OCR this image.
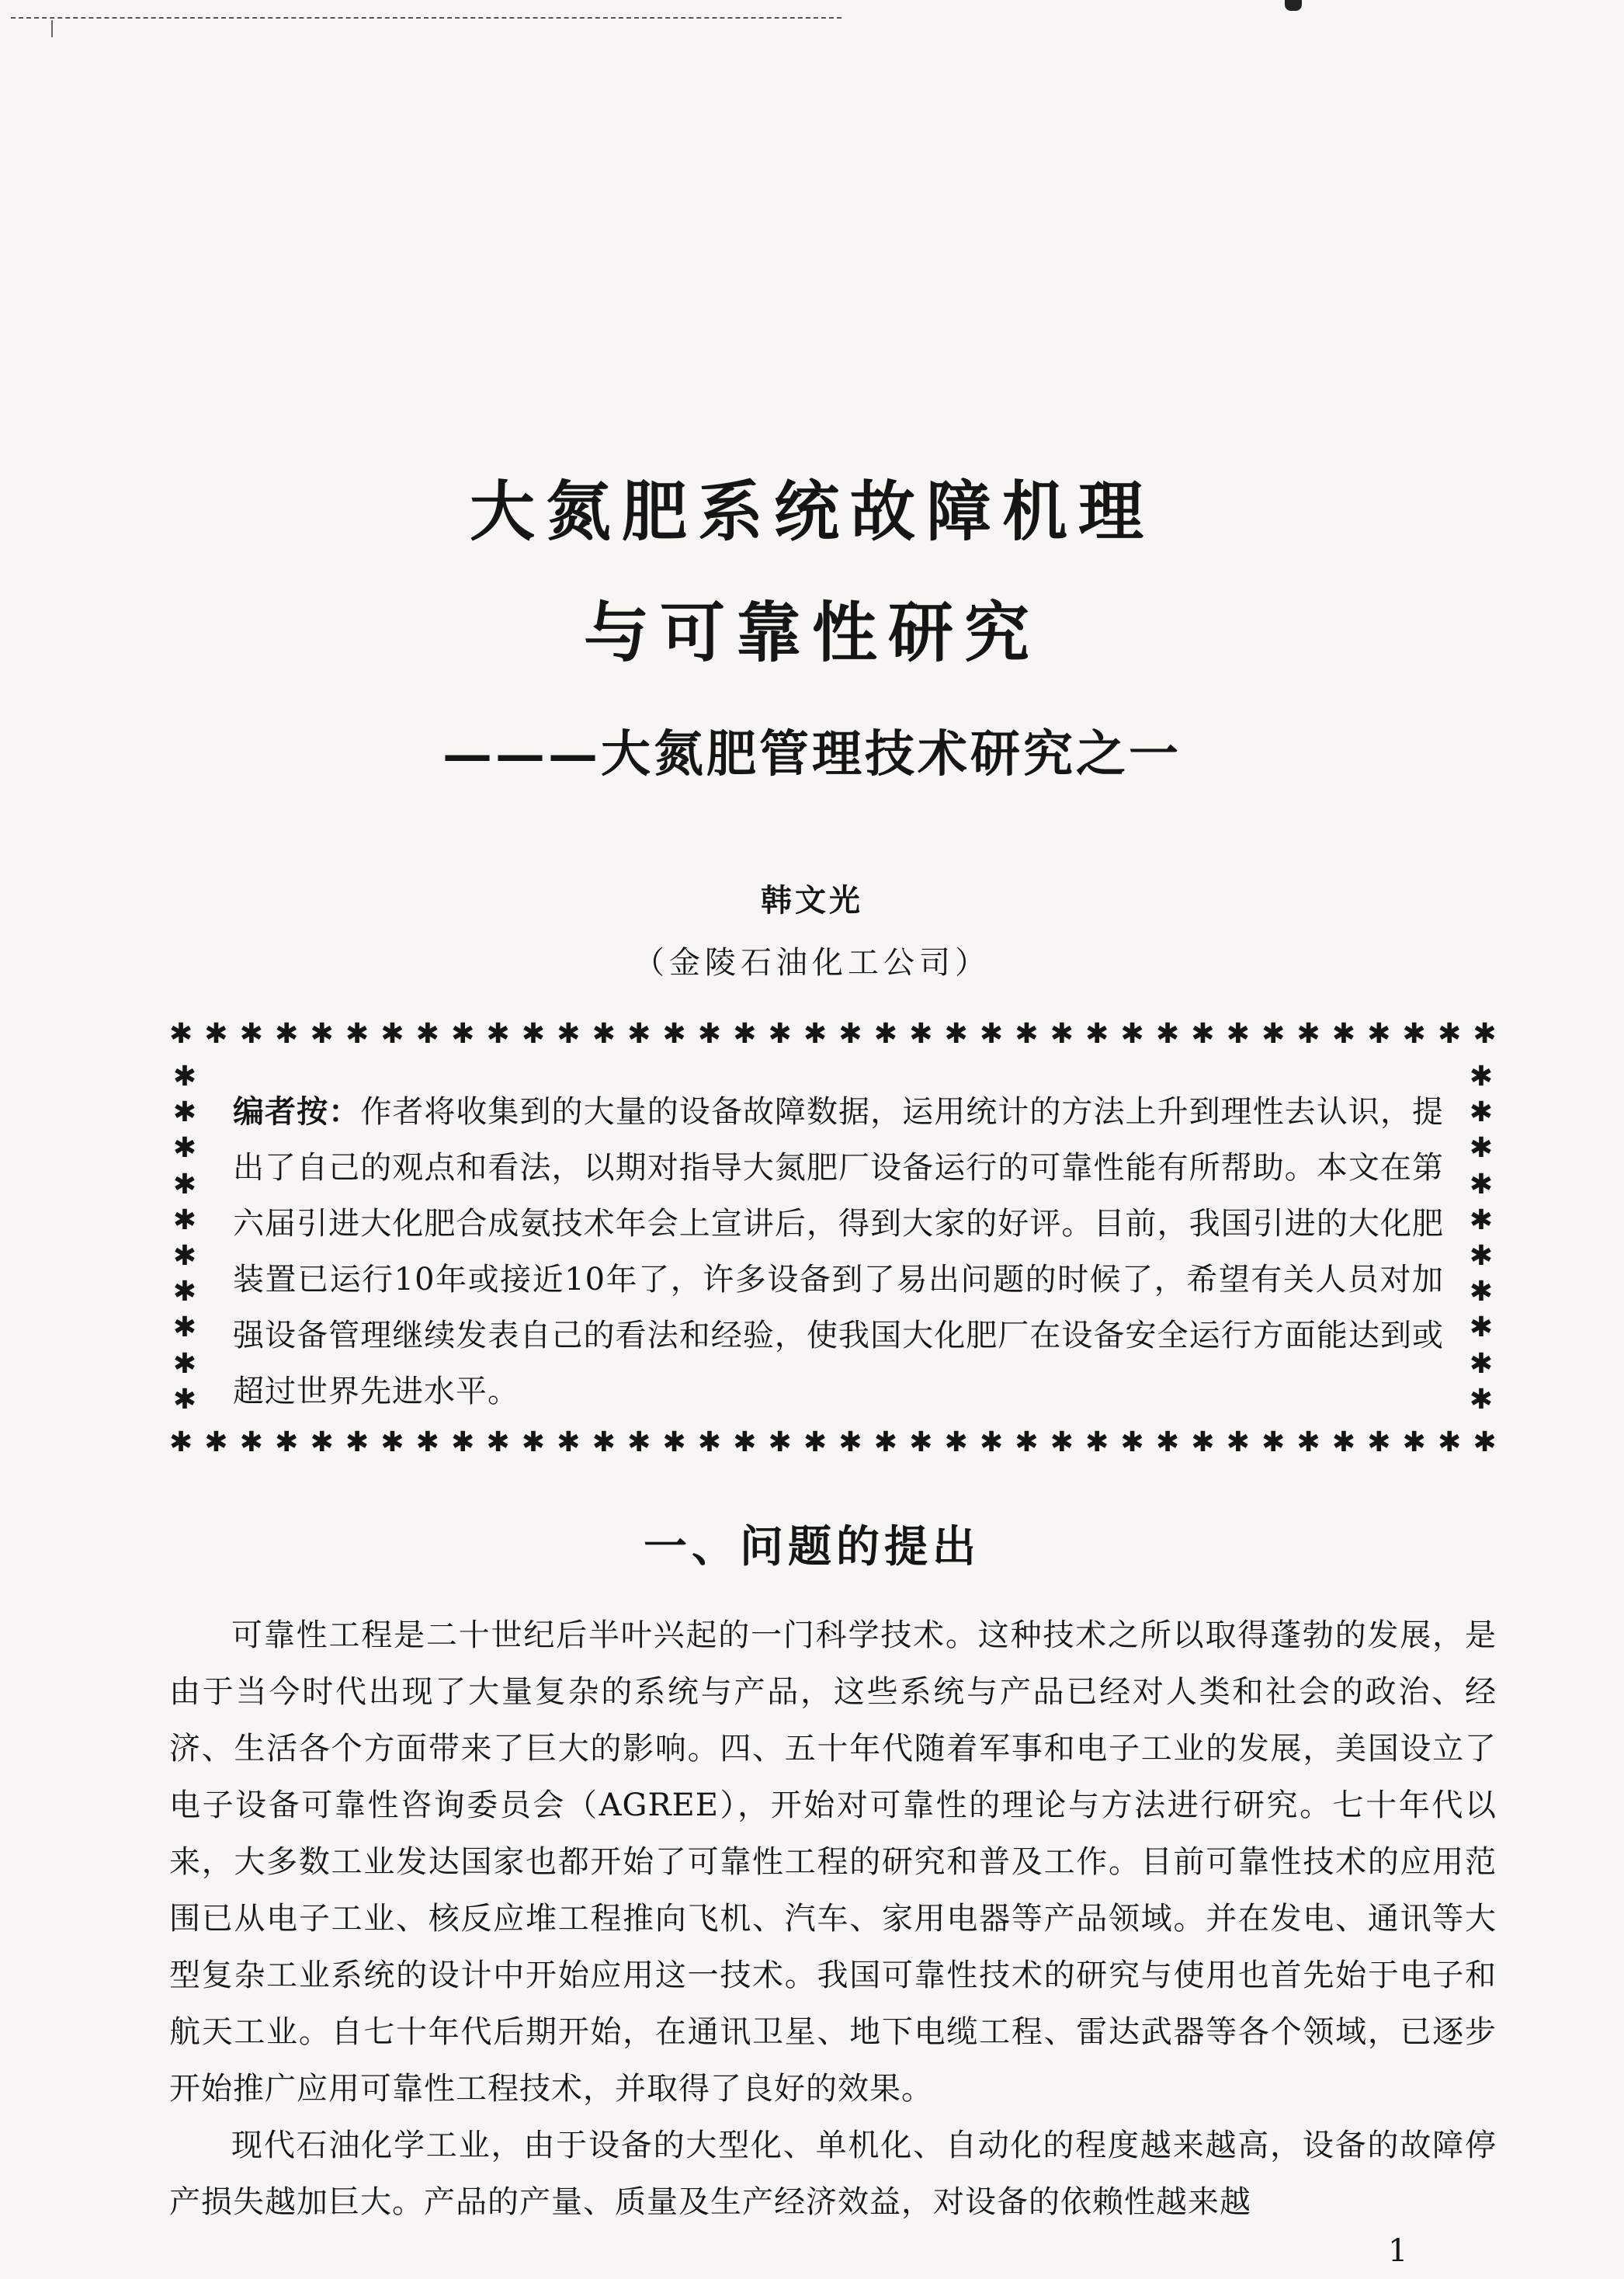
大氮肥系统故障机理
与可靠性研究
———大氮肥管理技术研究之一
韩文光
（金陵石油化工公司）
✱ ✱ ✱ ✱ ✱ ✱ ✱ ✱ ✱ ✱ ✱ ✱ ✱ ✱ ✱ ✱ ✱ ✱ ✱ ✱ ✱ ✱ ✱ ✱ ✱ ✱ ✱ ✱ ✱ ✱ ✱ ✱ ✱ ✱ ✱ ✱ ✱ ✱
✱
✱
✱
✱
✱
✱
✱
✱
✱
✱
✱
✱
✱
✱
✱
✱
✱
✱
✱
✱
编者按：作者将收集到的大量的设备故障数据，运用统计的方法上升到理性去认识，提出了自己的观点和看法，以期对指导大氮肥厂设备运行的可靠性能有所帮助。本文在第六届引进大化肥合成氨技术年会上宣讲后，得到大家的好评。目前，我国引进的大化肥装置已运行10年或接近10年了，许多设备到了易出问题的时候了，希望有关人员对加强设备管理继续发表自己的看法和经验，使我国大化肥厂在设备安全运行方面能达到或超过世界先进水平。
✱ ✱ ✱ ✱ ✱ ✱ ✱ ✱ ✱ ✱ ✱ ✱ ✱ ✱ ✱ ✱ ✱ ✱ ✱ ✱ ✱ ✱ ✱ ✱ ✱ ✱ ✱ ✱ ✱ ✱ ✱ ✱ ✱ ✱ ✱ ✱ ✱ ✱
一、问题的提出

可靠性工程是二十世纪后半叶兴起的一门科学技术。这种技术之所以取得蓬勃的发展，是由于当今时代出现了大量复杂的系统与产品，这些系统与产品已经对人类和社会的政治、经济、生活各个方面带来了巨大的影响。四、五十年代随着军事和电子工业的发展，美国设立了电子设备可靠性咨询委员会（AGREE），开始对可靠性的理论与方法进行研究。七十年代以来，大多数工业发达国家也都开始了可靠性工程的研究和普及工作。目前可靠性技术的应用范围已从电子工业、核反应堆工程推向飞机、汽车、家用电器等产品领域。并在发电、通讯等大型复杂工业系统的设计中开始应用这一技术。我国可靠性技术的研究与使用也首先始于电子和航天工业。自七十年代后期开始，在通讯卫星、地下电缆工程、雷达武器等各个领域，已逐步开始推广应用可靠性工程技术，并取得了良好的效果。

现代石油化学工业，由于设备的大型化、单机化、自动化的程度越来越高，设备的故障停产损失越加巨大。产品的产量、质量及生产经济效益，对设备的依赖性越来越

1
